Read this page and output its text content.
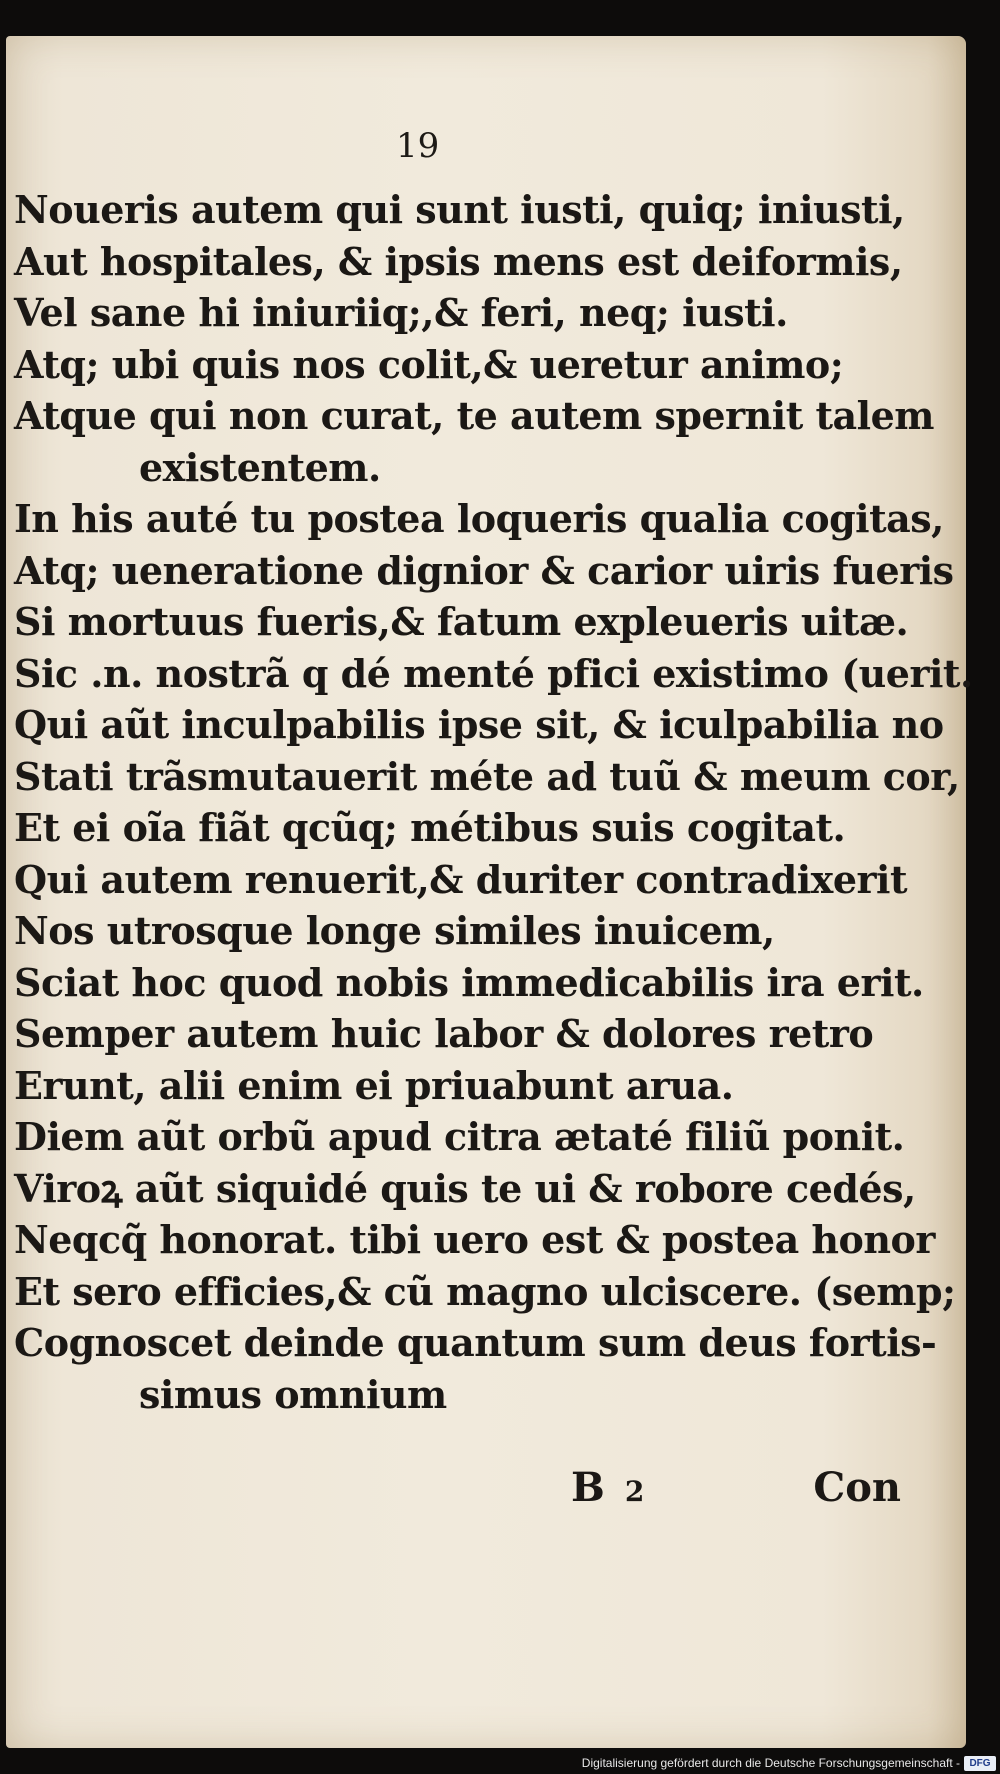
19
Noueris autem qui sunt iusti, quiq; iniusti,
Aut hospitales, & ipsis mens est deiformis,
Vel sane hi iniuriiq;,& feri, neq; iusti.
Atq; ubi quis nos colit,& ueretur animo;
Atque qui non curat, te autem spernit talem
existentem.
In his auté tu postea loqueris qualia cogitas,
Atq; ueneratione dignior & carior uiris fueris
Si mortuus fueris,& fatum expleueris uitæ.
Sic .n. nostrã q dé menté pfici existimo (uerit.
Qui aũt inculpabilis ipse sit, & iculpabilia no
Stati trãsmutauerit méte ad tuũ & meum cor,
Et ei oĩa fiãt qcũq; métibus suis cogitat.
Qui autem renuerit,& duriter contradixerit
Nos utrosque longe similes inuicem,
Sciat hoc quod nobis immedicabilis ira erit.
Semper autem huic labor & dolores retro
Erunt, alii enim ei priuabunt arua.
Diem aũt orbũ apud citra ætaté filiũ ponit.
Viroꝝ aũt siquidé quis te ui & robore cedés,
Neqcq̃ honorat. tibi uero est & postea honor
Et sero efficies,& cũ magno ulciscere. (semp;
Cognoscet deinde quantum sum deus fortis-
simus omnium
B 2	Con
Digitalisierung gefördert durch die Deutsche Forschungsgemeinschaft - DFG
